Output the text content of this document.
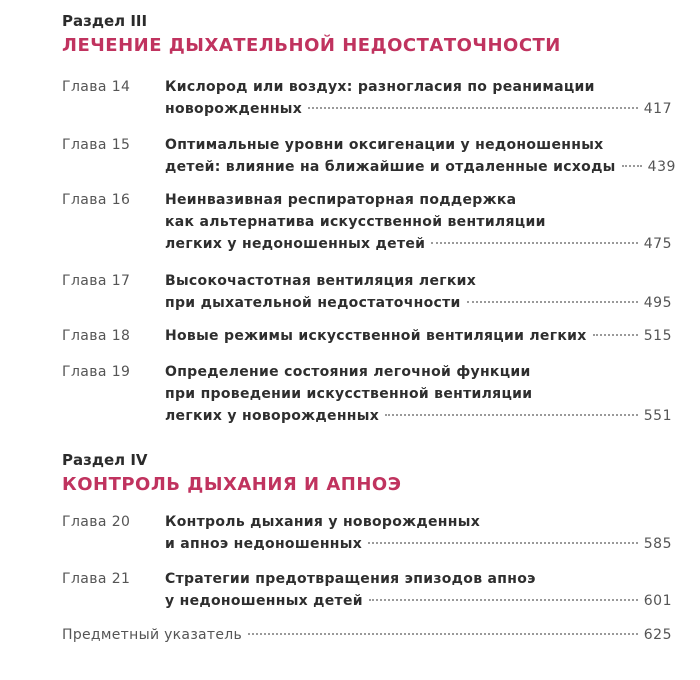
Раздел III
ЛЕЧЕНИЕ ДЫХАТЕЛЬНОЙ НЕДОСТАТОЧНОСТИ
Глава 14	Кислород или воздух: разногласия по реанимации
новорожденных	417
Глава 15	Оптимальные уровни оксигенации у недоношенных
детей: влияние на ближайшие и отдаленные исходы 439
Глава 16	Неинвазивная респираторная поддержка
как альтернатива искусственной вентиляции
легких у недоношенных детей	475
Глава 17	Высокочастотная вентиляция легких
при дыхательной недостаточности	495
Глава 18	Новые режимы искусственной вентиляции легких	515
Глава 19	Определение состояния легочной функции
при проведении искусственной вентиляции
легких у новорожденных	551
Раздел IV
КОНТРОЛЬ ДЫХАНИЯ И АПНОЭ
Глава 20	Контроль дыхания у новорожденных
и апноэ недоношенных	585
Глава 21	Стратегии предотвращения эпизодов апноэ
у недоношенных детей	601
Предметный указатель	625
